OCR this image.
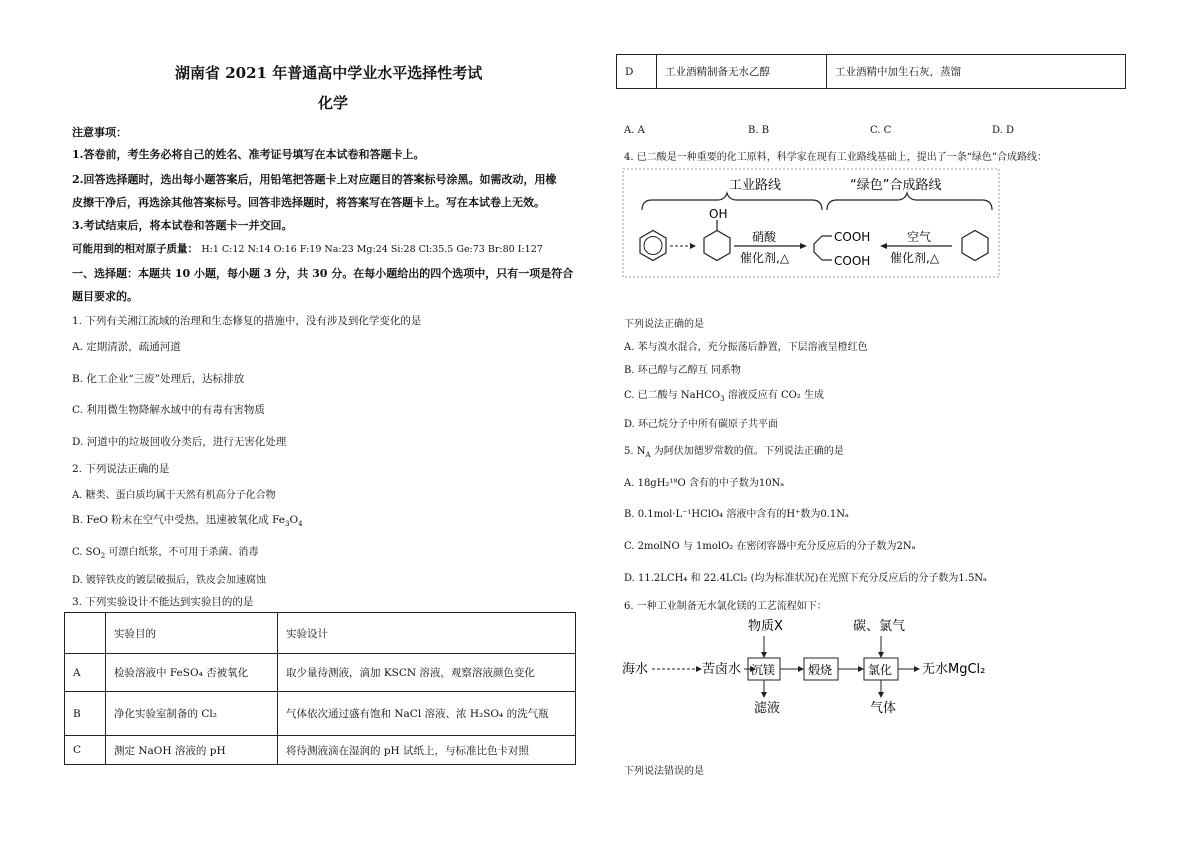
湖南省 2021 年普通高中学业水平选择性考试
化学
注意事项：
1.答卷前，考生务必将自己的姓名、准考证号填写在本试卷和答题卡上。
2.回答选择题时，选出每小题答案后，用铅笔把答题卡上对应题目的答案标号涂黑。如需改动，用橡
皮擦干净后，再选涂其他答案标号。回答非选择题时，将答案写在答题卡上。写在本试卷上无效。
3.考试结束后，将本试卷和答题卡一并交回。
可能用到的相对原子质量： H:1 C:12 N:14 O:16 F:19 Na:23 Mg:24 Si:28 Cl:35.5 Ge:73 Br:80 I:127
一、选择题：本题共 10 小题，每小题 3 分，共 30 分。在每小题给出的四个选项中，只有一项是符合
题目要求的。
1. 下列有关湘江流域的治理和生态修复的措施中，没有涉及到化学变化的是
A. 定期清淤，疏通河道
B. 化工企业“三废”处理后，达标排放
C. 利用微生物降解水域中的有毒有害物质
D. 河道中的垃圾回收分类后，进行无害化处理
2. 下列说法正确的是
A. 糖类、蛋白质均属于天然有机高分子化合物
B. FeO 粉末在空气中受热，迅速被氧化成 $Fe_3O_4$
C. $SO_2$ 可漂白纸浆，不可用于杀菌、消毒
D. 镀锌铁皮的镀层破损后，铁皮会加速腐蚀
3. 下列实验设计不能达到实验目的的是
	实验目的	实验设计
A	检验溶液中 FeSO₄ 否被氧化	取少量待测液，滴加 KSCN 溶液，观察溶液颜色变化
B	净化实验室制备的 Cl₂	气体依次通过盛有饱和 NaCl 溶液、浓 H₂SO₄ 的洗气瓶
C	测定 NaOH 溶液的 pH	将待测液滴在湿润的 pH 试纸上，与标准比色卡对照
D	工业酒精制备无水乙醇	工业酒精中加生石灰，蒸馏
A. A	B. B	C. C	D. D
4. 已二酸是一种重要的化工原料，科学家在现有工业路线基础上，提出了一条“绿色”合成路线：
工业路线	“绿色”合成路线
OH
硝酸
催化剂,△
COOH
COOH
空气
催化剂,△
下列说法正确的是
A. 苯与溴水混合，充分振荡后静置，下层溶液呈橙红色
B. 环己醇与乙醇互 同系物
C. 已二酸与 NaHCO$_3$ 溶液反应有 CO₂ 生成
D. 环己烷分子中所有碳原子共平面
5. $N_A$ 为阿伏加德罗常数的值。下列说法正确的是
A. 18gH₂¹⁸O 含有的中子数为10Nₐ
B. 0.1mol·L⁻¹HClO₄ 溶液中含有的H⁺数为0.1Nₐ
C. 2molNO 与 1molO₂ 在密闭容器中充分反应后的分子数为2Nₐ
D. 11.2LCH₄ 和 22.4LCl₂ (均为标准状况)在光照下充分反应后的分子数为1.5Nₐ
6. 一种工业制备无水氯化镁的工艺流程如下：
物质X	碳、氯气
海水	苦卤水
滤液	气体
无水MgCl₂
沉镁	煅烧	氯化
下列说法错误的是
